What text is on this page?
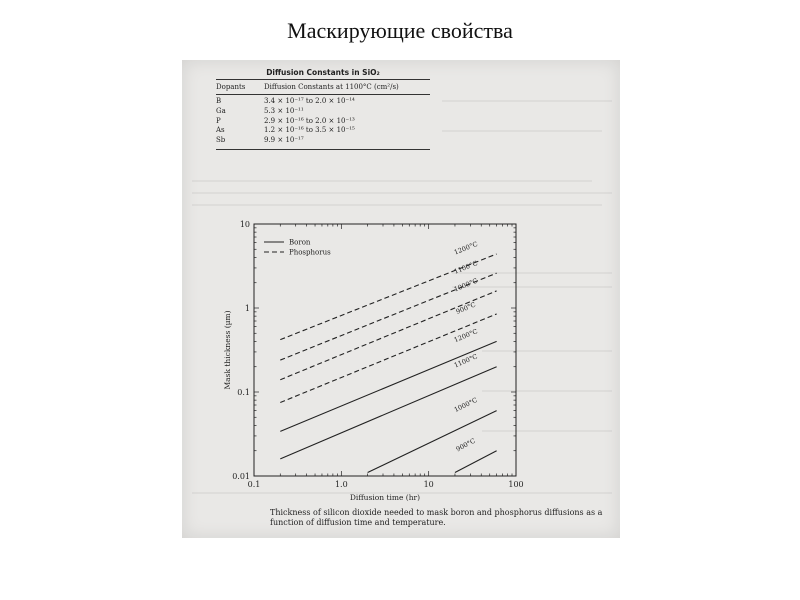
Маскирующие свойства
Diffusion Constants in SiO₂
Dopants	Diffusion Constants at 1100°C (cm²/s)
B	3.4 × 10⁻¹⁷ to 2.0 × 10⁻¹⁴
Ga	5.3 × 10⁻¹¹
P	2.9 × 10⁻¹⁶ to 2.0 × 10⁻¹³
As	1.2 × 10⁻¹⁶ to 3.5 × 10⁻¹⁵
Sb	9.9 × 10⁻¹⁷
0.1	1.0	10	100
0.01
0.1
1
10
Diffusion time (hr)
Mask thickness (µm)	1200°C
1100°C
1000°C
900°C
1200°C
1100°C
1000°C
900°C
Boron
Phosphorus
Thickness of silicon dioxide needed to mask boron and phosphorus diffusions as a function of diffusion time and temperature.
